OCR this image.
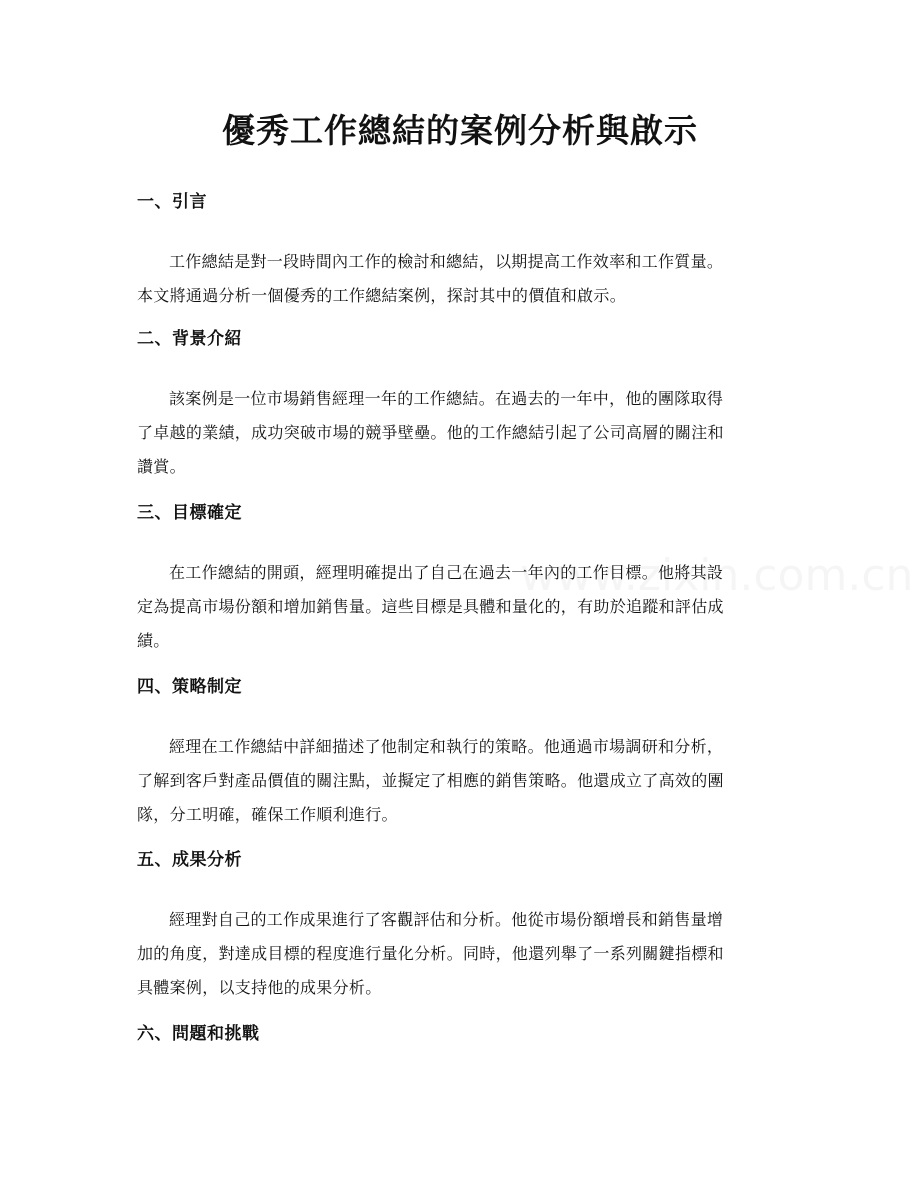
優秀工作總結的案例分析與啟示
一、引言

工作總結是對一段時間內工作的檢討和總結，以期提高工作效率和工作質量。
本文將通過分析一個優秀的工作總結案例，探討其中的價值和啟示。

二、背景介紹

該案例是一位市場銷售經理一年的工作總結。在過去的一年中，他的團隊取得
了卓越的業績，成功突破市場的競爭壁壘。他的工作總結引起了公司高層的關注和
讚賞。

三、目標確定

在工作總結的開頭，經理明確提出了自己在過去一年內的工作目標。他將其設
定為提高市場份額和增加銷售量。這些目標是具體和量化的，有助於追蹤和評估成
績。

四、策略制定

經理在工作總結中詳細描述了他制定和執行的策略。他通過市場調研和分析，
了解到客戶對產品價值的關注點，並擬定了相應的銷售策略。他還成立了高效的團
隊，分工明確，確保工作順利進行。

五、成果分析

經理對自己的工作成果進行了客觀評估和分析。他從市場份額增長和銷售量增
加的角度，對達成目標的程度進行量化分析。同時，他還列舉了一系列關鍵指標和
具體案例，以支持他的成果分析。

六、問題和挑戰
